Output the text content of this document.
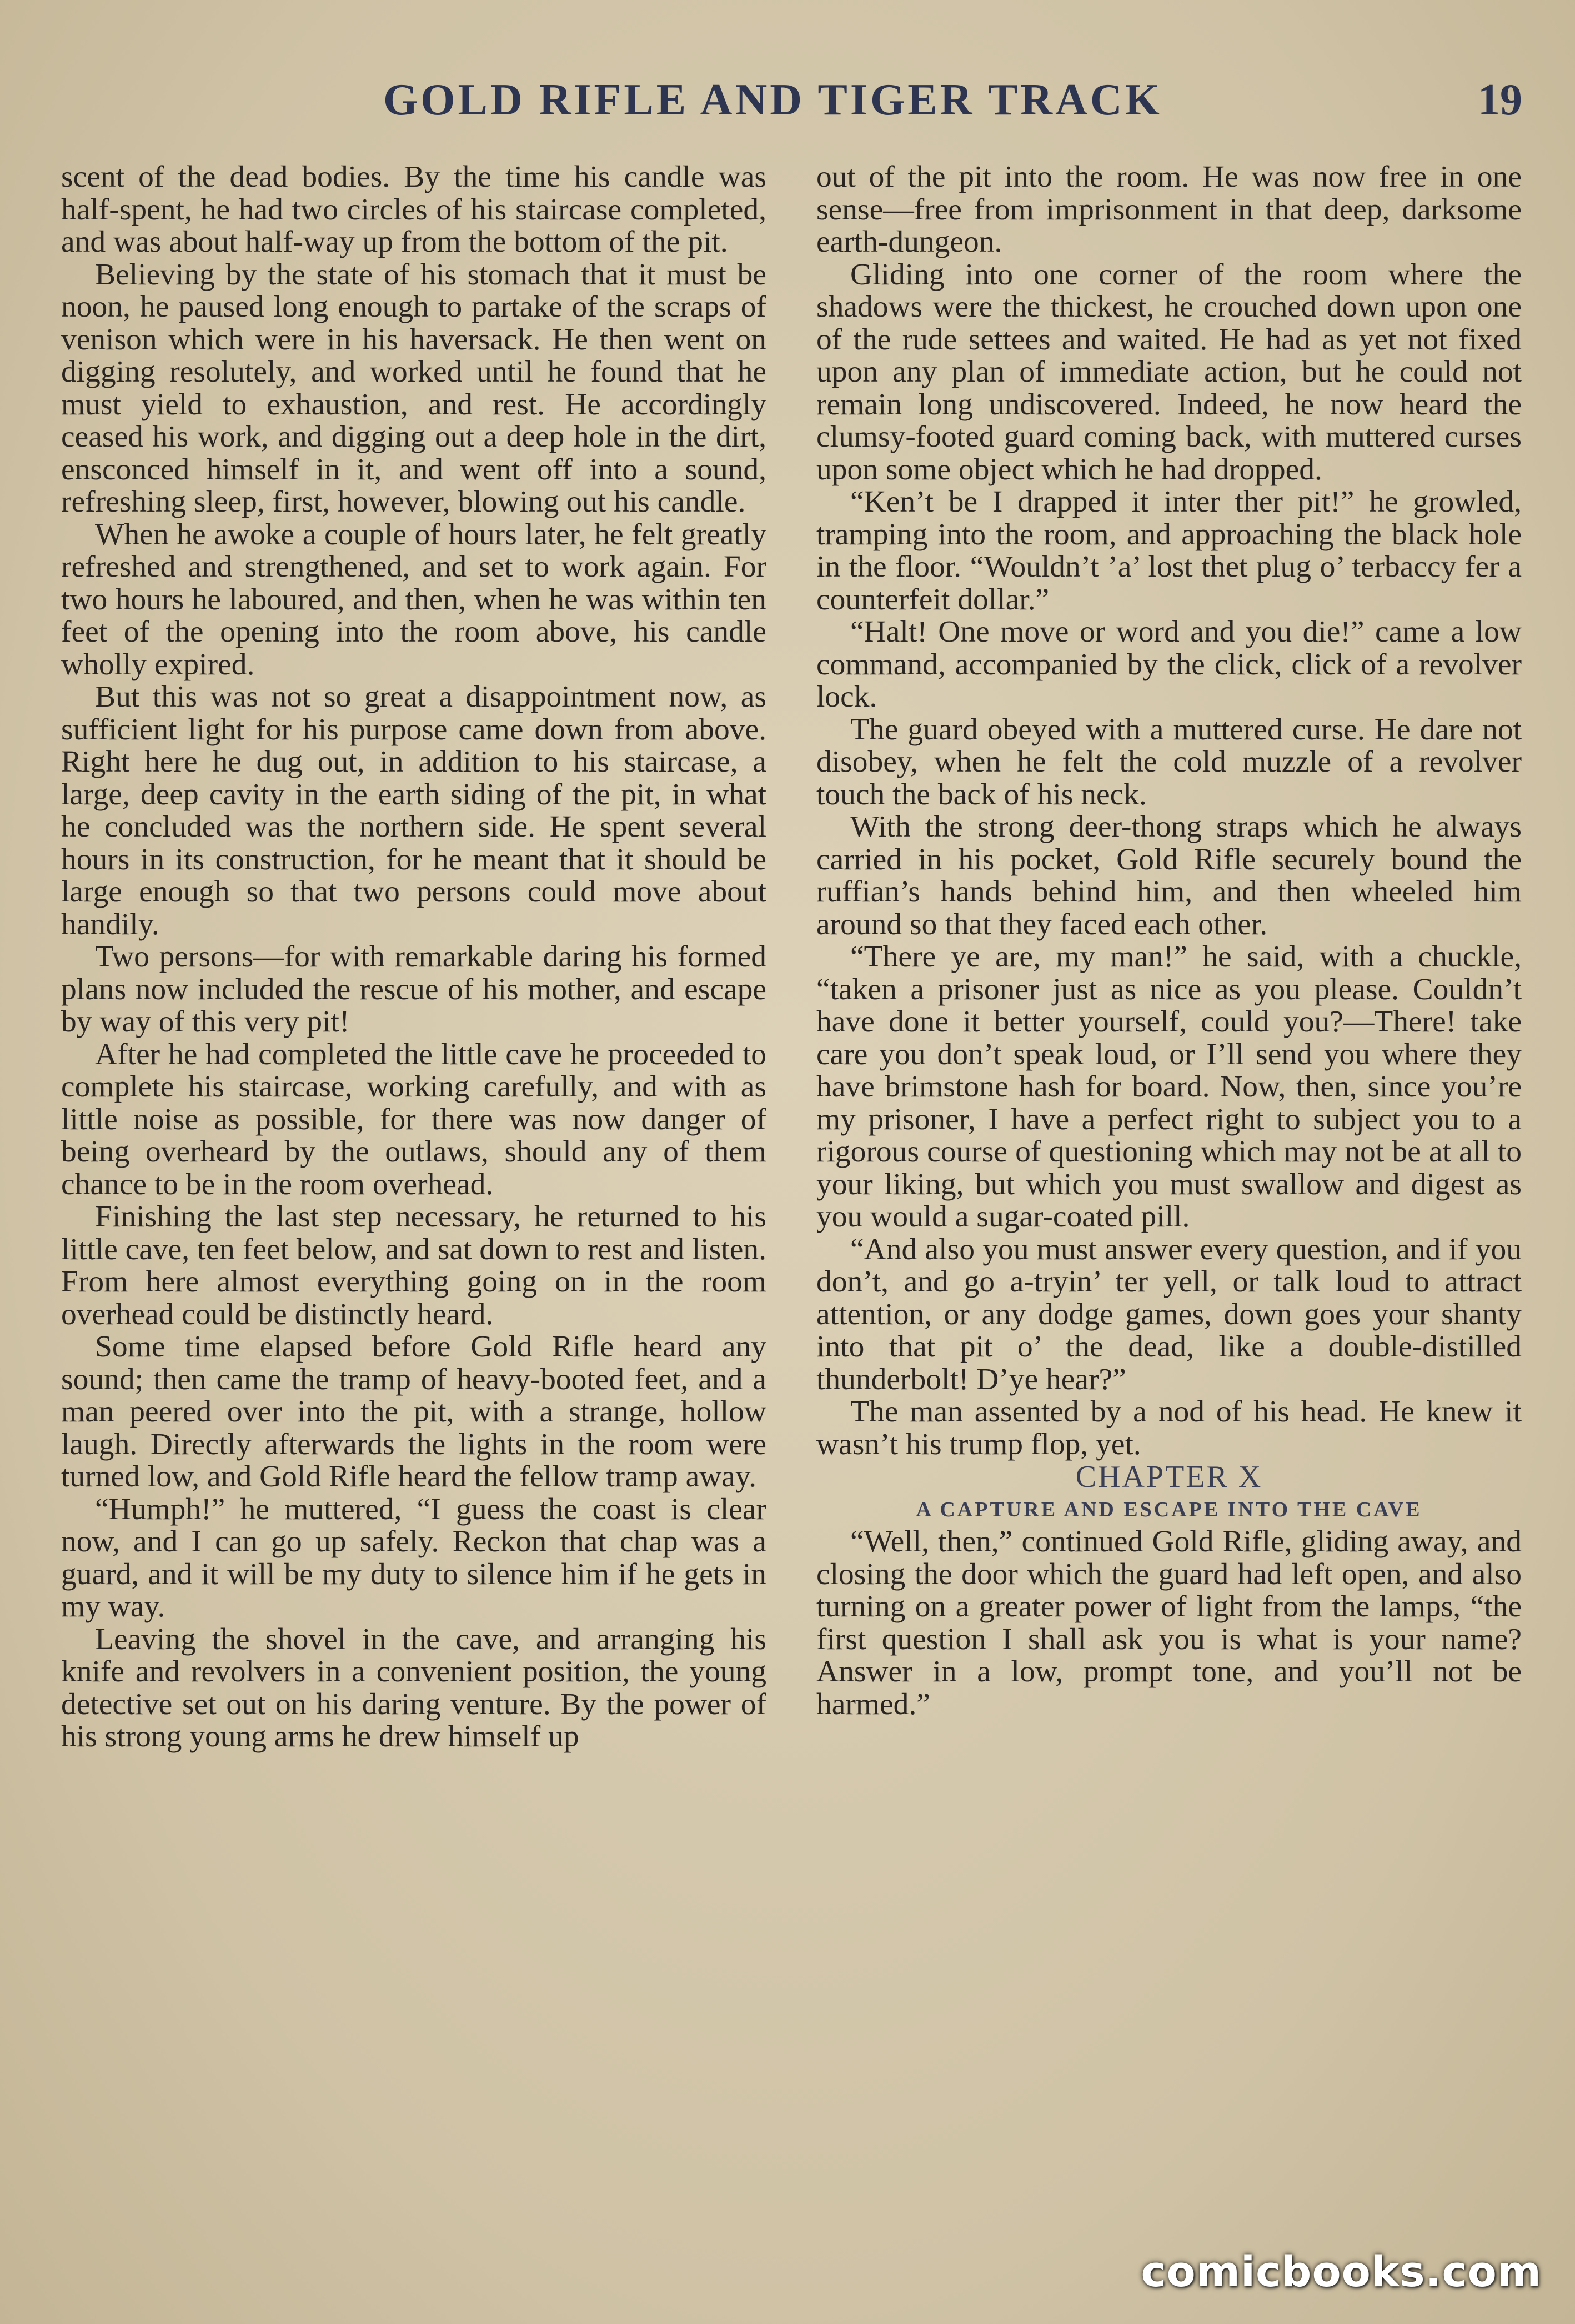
GOLD RIFLE AND TIGER TRACK	19

scent of the dead bodies. By the time his candle was half-spent, he had two circles of his staircase completed, and was about half-way up from the bottom of the pit.

Believing by the state of his stomach that it must be noon, he paused long enough to partake of the scraps of venison which were in his haversack. He then went on digging resolutely, and worked until he found that he must yield to exhaustion, and rest. He accordingly ceased his work, and digging out a deep hole in the dirt, ensconced himself in it, and went off into a sound, refreshing sleep, first, however, blowing out his candle.

When he awoke a couple of hours later, he felt greatly refreshed and strengthened, and set to work again. For two hours he laboured, and then, when he was within ten feet of the opening into the room above, his candle wholly expired.

But this was not so great a disappointment now, as sufficient light for his purpose came down from above. Right here he dug out, in addition to his staircase, a large, deep cavity in the earth siding of the pit, in what he concluded was the northern side. He spent several hours in its construction, for he meant that it should be large enough so that two persons could move about handily.

Two persons—for with remarkable daring his formed plans now included the rescue of his mother, and escape by way of this very pit!

After he had completed the little cave he proceeded to complete his staircase, working carefully, and with as little noise as possible, for there was now danger of being overheard by the outlaws, should any of them chance to be in the room overhead.

Finishing the last step necessary, he returned to his little cave, ten feet below, and sat down to rest and listen. From here almost everything going on in the room overhead could be distinctly heard.

Some time elapsed before Gold Rifle heard any sound; then came the tramp of heavy-booted feet, and a man peered over into the pit, with a strange, hollow laugh. Directly afterwards the lights in the room were turned low, and Gold Rifle heard the fellow tramp away.

“Humph!” he muttered, “I guess the coast is clear now, and I can go up safely. Reckon that chap was a guard, and it will be my duty to silence him if he gets in my way.

Leaving the shovel in the cave, and arranging his knife and revolvers in a convenient position, the young detective set out on his daring venture. By the power of his strong young arms he drew himself up

out of the pit into the room. He was now free in one sense—free from imprisonment in that deep, darksome earth-dungeon.

Gliding into one corner of the room where the shadows were the thickest, he crouched down upon one of the rude settees and waited. He had as yet not fixed upon any plan of immediate action, but he could not remain long undiscovered. Indeed, he now heard the clumsy-footed guard coming back, with muttered curses upon some object which he had dropped.

“Ken’t be I drapped it inter ther pit!” he growled, tramping into the room, and approaching the black hole in the floor. “Wouldn’t ’a’ lost thet plug o’ terbaccy fer a counterfeit dollar.”

“Halt! One move or word and you die!” came a low command, accompanied by the click, click of a revolver lock.

The guard obeyed with a muttered curse. He dare not disobey, when he felt the cold muzzle of a revolver touch the back of his neck.

With the strong deer-thong straps which he always carried in his pocket, Gold Rifle securely bound the ruffian’s hands behind him, and then wheeled him around so that they faced each other.

“There ye are, my man!” he said, with a chuckle, “taken a prisoner just as nice as you please. Couldn’t have done it better yourself, could you?—There! take care you don’t speak loud, or I’ll send you where they have brimstone hash for board. Now, then, since you’re my prisoner, I have a perfect right to subject you to a rigorous course of questioning which may not be at all to your liking, but which you must swallow and digest as you would a sugar-coated pill.

“And also you must answer every question, and if you don’t, and go a-tryin’ ter yell, or talk loud to attract attention, or any dodge games, down goes your shanty into that pit o’ the dead, like a double-distilled thunderbolt! D’ye hear?”

The man assented by a nod of his head. He knew it wasn’t his trump flop, yet.

CHAPTER X

A CAPTURE AND ESCAPE INTO THE CAVE

“Well, then,” continued Gold Rifle, gliding away, and closing the door which the guard had left open, and also turning on a greater power of light from the lamps, “the first question I shall ask you is what is your name? Answer in a low, prompt tone, and you’ll not be harmed.”

comicbooks.com
